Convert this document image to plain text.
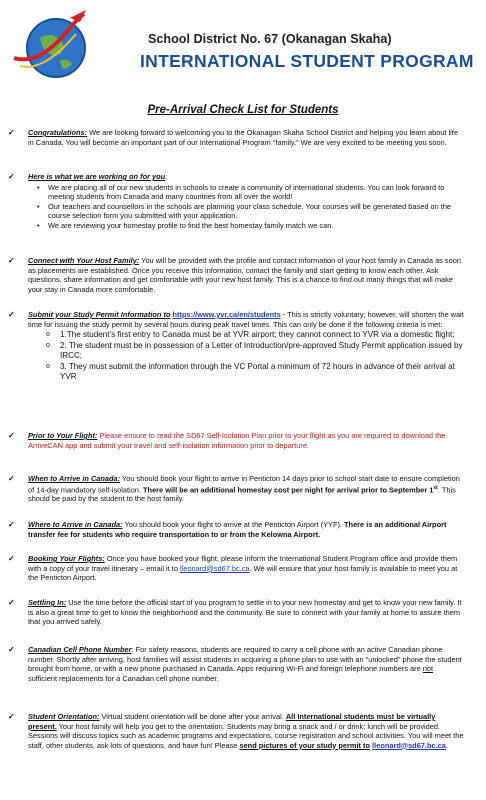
School District No. 67 (Okanagan Skaha)
INTERNATIONAL STUDENT PROGRAM
Pre-Arrival Check List for Students
✓ Congratulations: We are looking forward to welcoming you to the Okanagan Skaha School District and helping you learn about life in Canada. You will become an important part of our International Program “family.” We are very excited to be meeting you soon.
✓ Here is what we are working on for you:
• We are placing all of our new students in schools to create a community of international students. You can look forward to meeting students from Canada and many countries from all over the world!
• Our teachers and counsellors in the schools are planning your class schedule. Your courses will be generated based on the course selection form you submitted with your application.
• We are reviewing your homestay profile to find the best homestay family match we can.
✓ Connect with Your Host Family: You will be provided with the profile and contact information of your host family in Canada as soon as placements are established. Once you receive this information, contact the family and start getting to know each other. Ask questions, share information and get comfortable with your new host family. This is a chance to find out many things that will make your stay in Canada more comfortable.
✓ Submit your Study Permit Information to https://www.yvr.ca/en/students - This is strictly voluntary; however, will shorten the wait time for issuing the study permit by several hours during peak travel times. This can only be done if the following criteria is met:
o 1.The student’s first entry to Canada must be at YVR airport; they cannot connect to YVR via a domestic flight;
o 2. The student must be in possession of a Letter of Introduction/pre-approved Study Permit application issued by IRCC;
o 3. They must submit the information through the VC Portal a minimum of 72 hours in advance of their arrival at YVR
✓ Prior to Your Flight: Please ensure to read the SD67 Self-Isolation Plan prior to your flight as you are required to download the ArriveCAN app and submit your travel and self-isolation information prior to departure.
✓ When to Arrive in Canada: You should book your flight to arrive in Penticton 14 days prior to school start date to ensure completion of 14-day mandatory self-isolation. There will be an additional homestay cost per night for arrival prior to September 1st. This should be paid by the student to the host family.
✓ Where to Arrive in Canada: You should book your flight to arrive at the Penticton Airport (YYF). There is an additional Airport transfer fee for students who require transportation to or from the Kelowna Airport.
✓ Booking Your Flights: Once you have booked your flight, please inform the International Student Program office and provide them with a copy of your travel itinerary – email it to lleonard@sd67.bc.ca. We will ensure that your host family is available to meet you at the Penticton Airport.
✓ Settling In: Use the time before the official start of you program to settle in to your new homestay and get to know your new family. It is also a great time to get to know the neighborhood and the community. Be sure to connect with your family at home to assure them that you arrived safely.
✓ Canadian Cell Phone Number: For safety reasons, students are required to carry a cell phone with an active Canadian phone number. Shortly after arriving, host families will assist students in acquiring a phone plan to use with an "unlocked" phone the student brought from home, or with a new phone purchased in Canada. Apps requiring Wi-Fi and foreign telephone numbers are not sufficient replacements for a Canadian cell phone number.
✓ Student Orientation: Virtual student orientation will be done after your arrival. All International students must be virtually present. Your host family will help you get to the orientation. Students may bring a snack and / or drink; lunch will be provided. Sessions will discuss topics such as academic programs and expectations, course registration and school activities. You will meet the staff, other students, ask lots of questions, and have fun! Please send pictures of your study permit to lleonard@sd67.bc.ca.
